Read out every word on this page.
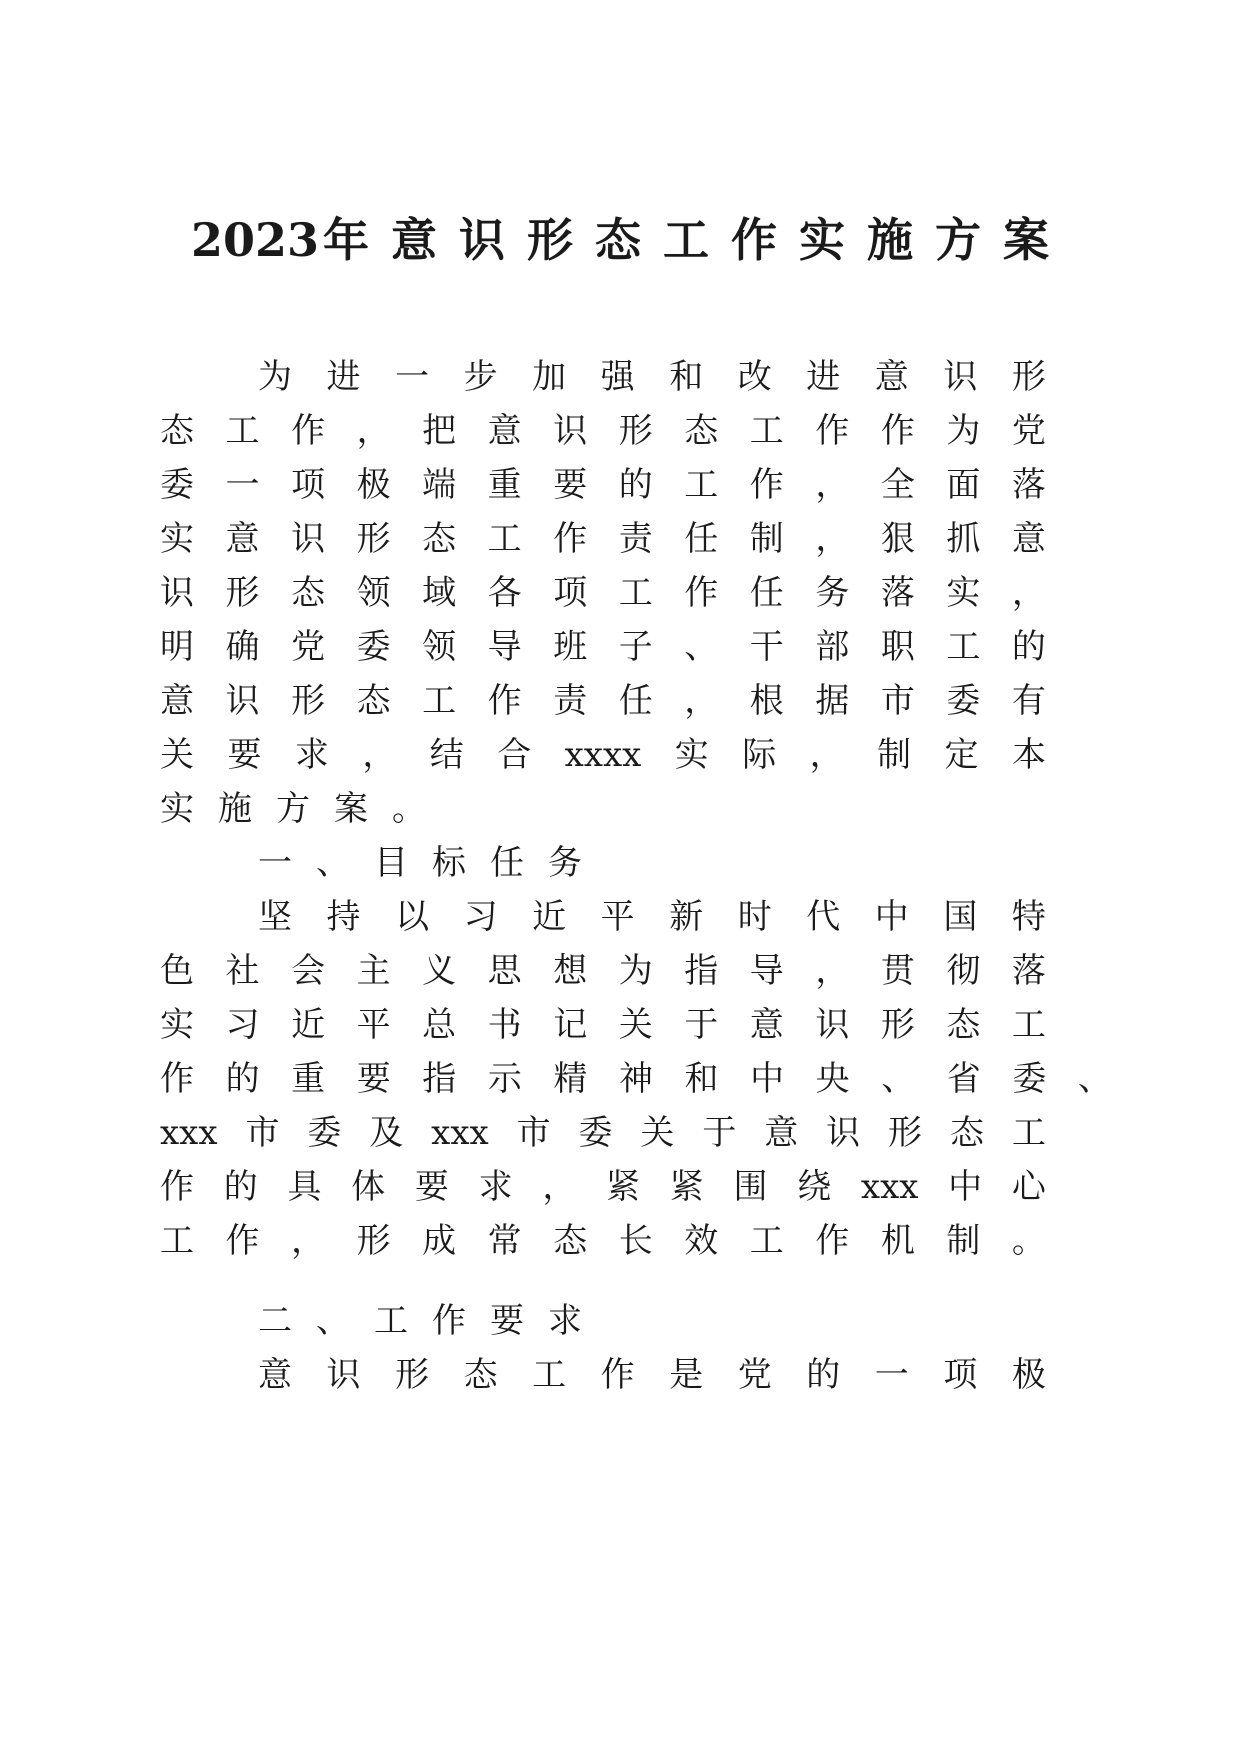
2023年 意 识 形 态 工 作 实 施 方 案
为 进 一 步 加 强 和 改 进 意 识 形
态 工 作 ， 把 意 识 形 态 工 作 作 为 党
委 一 项 极 端 重 要 的 工 作 ， 全 面 落
实 意 识 形 态 工 作 责 任 制 ， 狠 抓 意
识 形 态 领 域 各 项 工 作 任 务 落 实 ，
明 确 党 委 领 导 班 子 、 干 部 职 工 的
意 识 形 态 工 作 责 任 ， 根 据 市 委 有
关 要 求 ， 结 合 xxxx 实 际 ， 制 定 本
实 施 方 案 。
一 、 目 标 任 务
坚 持 以 习 近 平 新 时 代 中 国 特
色 社 会 主 义 思 想 为 指 导 ， 贯 彻 落
实 习 近 平 总 书 记 关 于 意 识 形 态 工
作 的 重 要 指 示 精 神 和 中 央 、 省 委 、
xxx 市 委 及 xxx 市 委 关 于 意 识 形 态 工
作 的 具 体 要 求 ， 紧 紧 围 绕 xxx 中 心
工 作 ， 形 成 常 态 长 效 工 作 机 制 。
二 、 工 作 要 求
意 识 形 态 工 作 是 党 的 一 项 极
